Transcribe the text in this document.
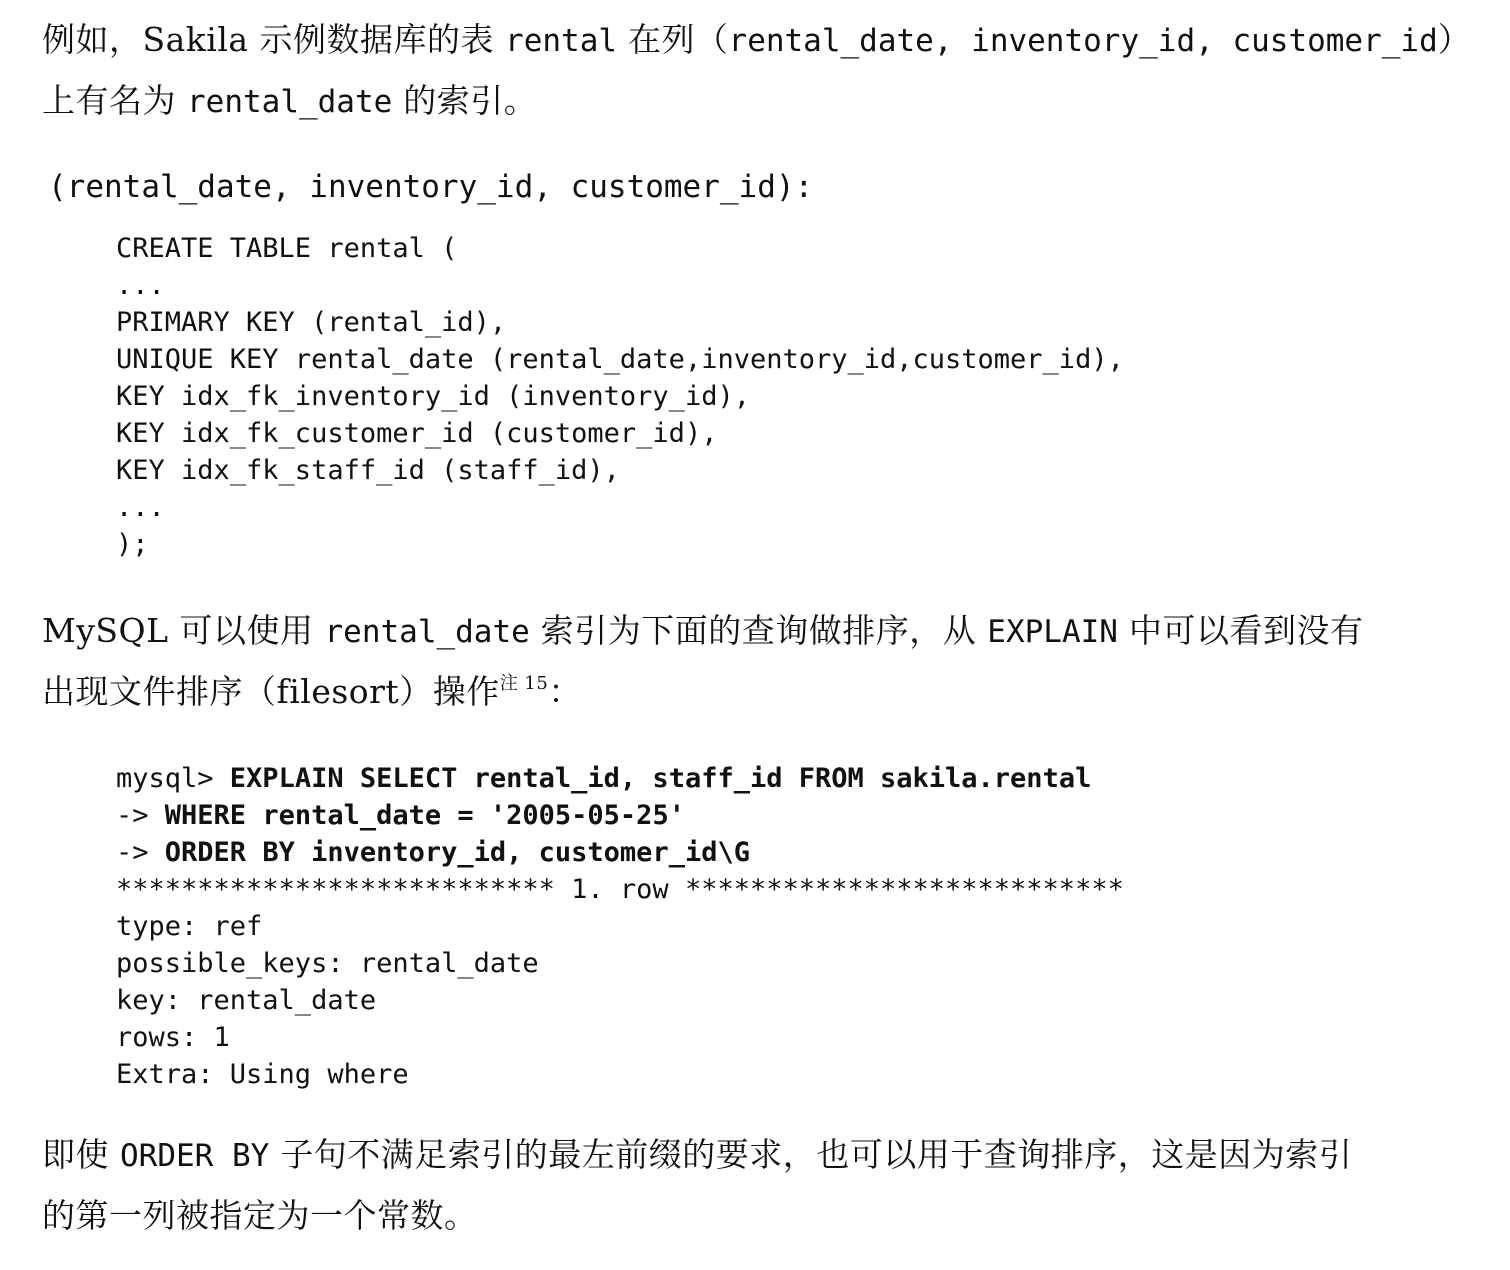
例如，Sakila 示例数据库的表 rental 在列（rental_date, inventory_id, customer_id）
上有名为 rental_date 的索引。

(rental_date, inventory_id, customer_id):

CREATE TABLE rental (
...
PRIMARY KEY (rental_id),
UNIQUE KEY rental_date (rental_date,inventory_id,customer_id),
KEY idx_fk_inventory_id (inventory_id),
KEY idx_fk_customer_id (customer_id),
KEY idx_fk_staff_id (staff_id),
...
);

MySQL 可以使用 rental_date 索引为下面的查询做排序，从 EXPLAIN 中可以看到没有
出现文件排序（filesort）操作$^{注 15}$：

mysql> EXPLAIN SELECT rental_id, staff_id FROM sakila.rental
-> WHERE rental_date = '2005-05-25'
-> ORDER BY inventory_id, customer_id\G
*************************** 1. row ***************************
type: ref
possible_keys: rental_date
key: rental_date
rows: 1
Extra: Using where

即使 ORDER BY 子句不满足索引的最左前缀的要求，也可以用于查询排序，这是因为索引
的第一列被指定为一个常数。
